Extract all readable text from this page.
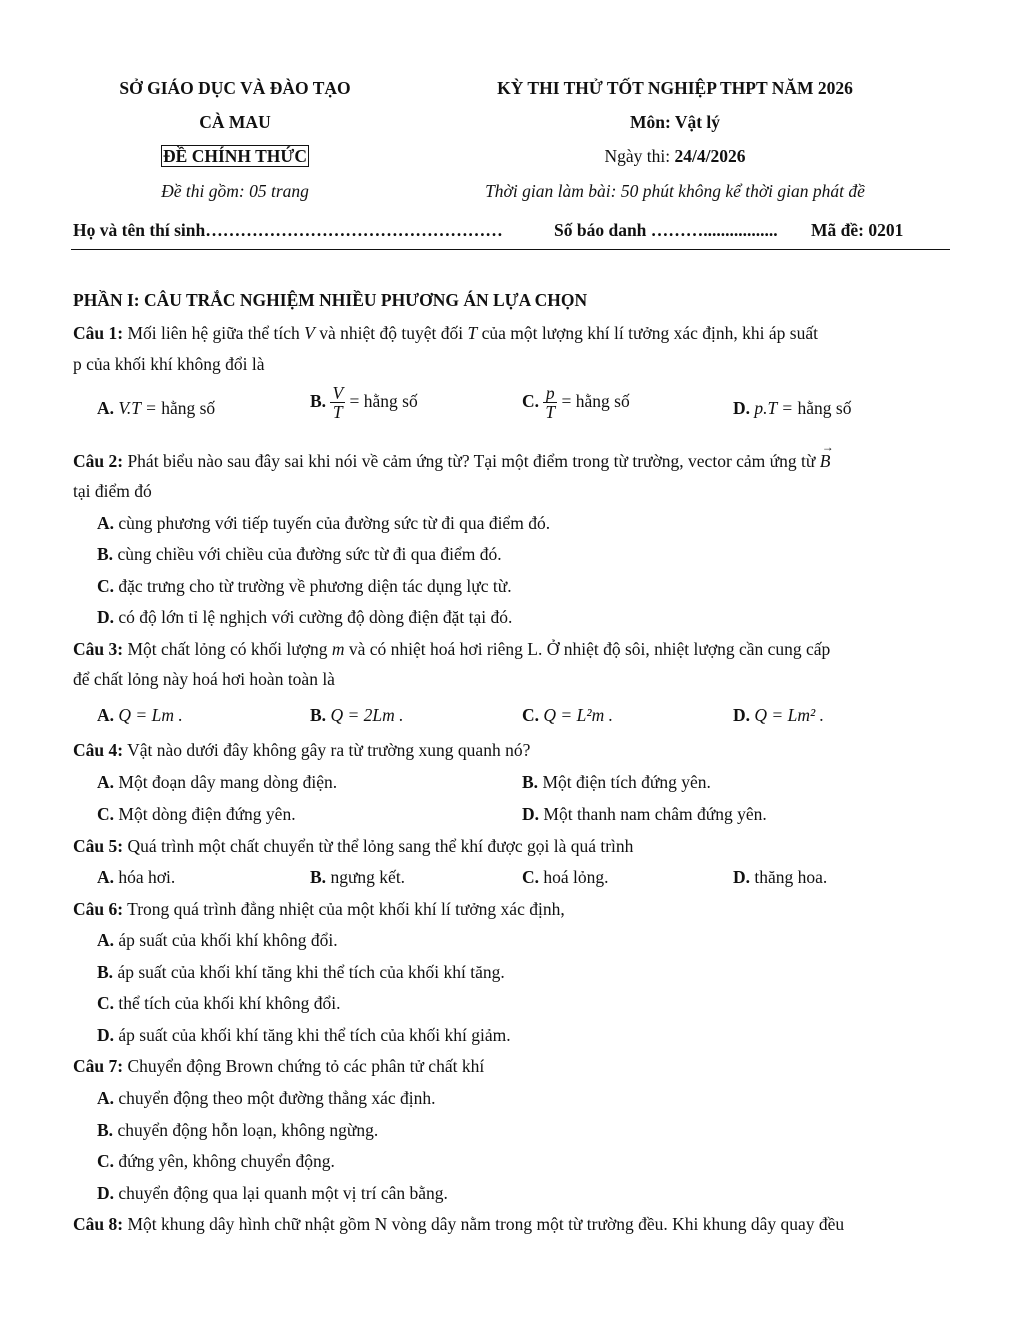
SỞ GIÁO DỤC VÀ ĐÀO TẠO
CÀ MAU
ĐỀ CHÍNH THỨC
Đề thi gồm: 05 trang
KỲ THI THỬ TỐT NGHIỆP THPT NĂM 2026
Môn: Vật lý
Ngày thi: 24/4/2026
Thời gian làm bài: 50 phút không kể thời gian phát đề
Họ và tên thí sinh……………………………………………	Số báo danh ………................. Mã đề: 0201
PHẦN I: CÂU TRẮC NGHIỆM NHIỀU PHƯƠNG ÁN LỰA CHỌN
Câu 1: Mối liên hệ giữa thể tích V và nhiệt độ tuyệt đối T của một lượng khí lí tưởng xác định, khi áp suất
p của khối khí không đổi là
A. V.T = hằng số	B. $\frac{V}{T}$ = hằng số	C. $\frac{p}{T}$ = hằng số	D. p.T = hằng số
Câu 2: Phát biểu nào sau đây sai khi nói về cảm ứng từ? Tại một điểm trong từ trường, vector cảm ứng từ → B
tại điểm đó
A. cùng phương với tiếp tuyến của đường sức từ đi qua điểm đó.
B. cùng chiều với chiều của đường sức từ đi qua điểm đó.
C. đặc trưng cho từ trường về phương diện tác dụng lực từ.
D. có độ lớn tỉ lệ nghịch với cường độ dòng điện đặt tại đó.
Câu 3: Một chất lỏng có khối lượng m và có nhiệt hoá hơi riêng L. Ở nhiệt độ sôi, nhiệt lượng cần cung cấp
để chất lỏng này hoá hơi hoàn toàn là
A. Q = Lm .	B. Q = 2Lm .	C. Q = L²m .	D. Q = Lm² .
Câu 4: Vật nào dưới đây không gây ra từ trường xung quanh nó?
A. Một đoạn dây mang dòng điện.	B. Một điện tích đứng yên.
C. Một dòng điện đứng yên.	D. Một thanh nam châm đứng yên.
Câu 5: Quá trình một chất chuyển từ thể lỏng sang thể khí được gọi là quá trình
A. hóa hơi.	B. ngưng kết.	C. hoá lỏng.	D. thăng hoa.
Câu 6: Trong quá trình đẳng nhiệt của một khối khí lí tưởng xác định,
A. áp suất của khối khí không đổi.
B. áp suất của khối khí tăng khi thể tích của khối khí tăng.
C. thể tích của khối khí không đổi.
D. áp suất của khối khí tăng khi thể tích của khối khí giảm.
Câu 7: Chuyển động Brown chứng tỏ các phân tử chất khí
A. chuyển động theo một đường thẳng xác định.
B. chuyển động hỗn loạn, không ngừng.
C. đứng yên, không chuyển động.
D. chuyển động qua lại quanh một vị trí cân bằng.
Câu 8: Một khung dây hình chữ nhật gồm N vòng dây nằm trong một từ trường đều. Khi khung dây quay đều
